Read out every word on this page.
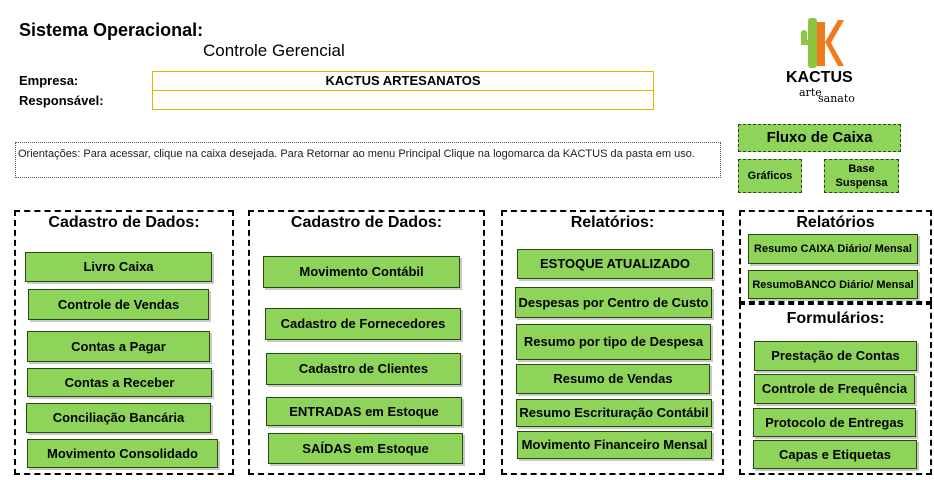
Sistema Operacional:
Controle Gerencial
Empresa:	KACTUS ARTESANATOS
Responsável:
Orientações: Para acessar, clique na caixa desejada. Para Retornar ao menu Principal Clique na logomarca da KACTUS da pasta em uso.
KACTUS
arte
sanato
Fluxo de Caixa
Gráficos
Base Suspensa
Cadastro de Dados:
Livro Caixa
Controle de Vendas
Contas a Pagar
Contas a Receber
Conciliação Bancária
Movimento Consolidado
Cadastro de Dados:
Movimento Contábil
Cadastro de Fornecedores
Cadastro de Clientes
ENTRADAS em Estoque
SAÍDAS em Estoque
Relatórios:
ESTOQUE ATUALIZADO
Despesas por Centro de Custo
Resumo por tipo de Despesa
Resumo de Vendas
Resumo Escrituração Contábil
Movimento Financeiro Mensal
Relatórios
Resumo CAIXA Diário/ Mensal
ResumoBANCO Diário/ Mensal
Formulários:
Prestação de Contas
Controle de Frequência
Protocolo de Entregas
Capas e Etiquetas
